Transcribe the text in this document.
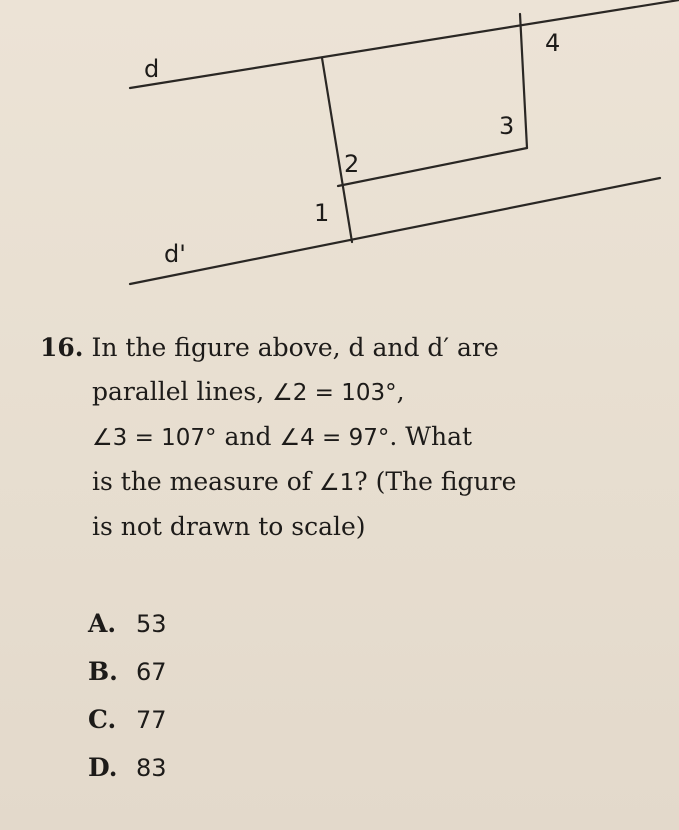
d
d'
1
2
3
4
16. In the figure above, d and d′ are
parallel lines, ∠2 = 103°,
∠3 = 107° and ∠4 = 97°. What
is the measure of ∠1? (The figure
is not drawn to scale)
A. 53
B. 67
C. 77
D. 83
